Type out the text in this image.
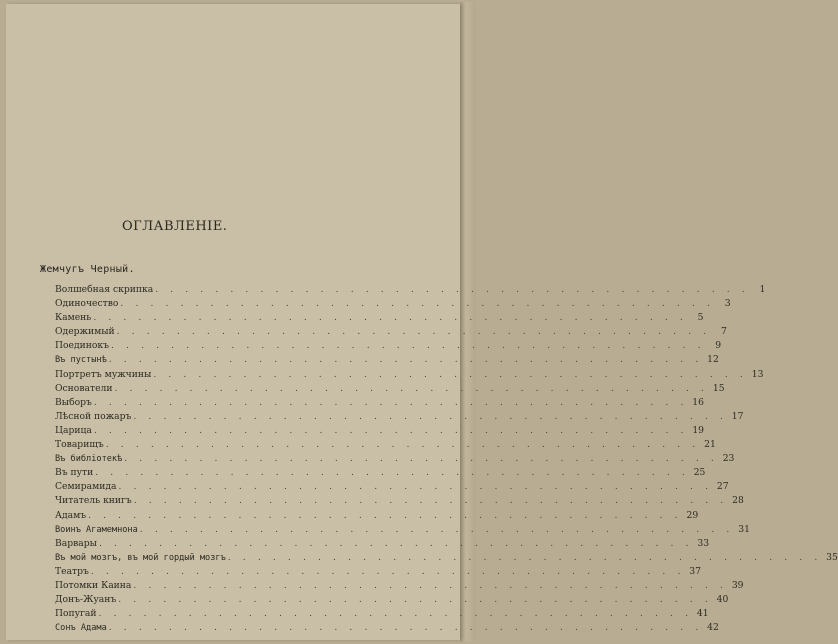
ОГЛАВЛЕНІЕ.
Жемчугъ Черный.
Волшебная скрипка . . . . . . . . . . . . . . . . . . . . . . . . . . . . . . . . . . . . . . . .	1
Одиночество . . . . . . . . . . . . . . . . . . . . . . . . . . . . . . . . . . . . . . . .	3
Камень . . . . . . . . . . . . . . . . . . . . . . . . . . . . . . . . . . . . . . . .	5
Одержимый . . . . . . . . . . . . . . . . . . . . . . . . . . . . . . . . . . . . . . . .	7
Поединокъ . . . . . . . . . . . . . . . . . . . . . . . . . . . . . . . . . . . . . . . .	9
Въ пустынѣ . . . . . . . . . . . . . . . . . . . . . . . . . . . . . . . . . . . . . . . . 12
Портретъ мужчины . . . . . . . . . . . . . . . . . . . . . . . . . . . . . . . . . . . . . . . . 13
Основатели . . . . . . . . . . . . . . . . . . . . . . . . . . . . . . . . . . . . . . . . 15
Выборъ . . . . . . . . . . . . . . . . . . . . . . . . . . . . . . . . . . . . . . . . 16
Лѣсной пожаръ . . . . . . . . . . . . . . . . . . . . . . . . . . . . . . . . . . . . . . . . 17
Царица . . . . . . . . . . . . . . . . . . . . . . . . . . . . . . . . . . . . . . . . 19
Товарищъ . . . . . . . . . . . . . . . . . . . . . . . . . . . . . . . . . . . . . . . . 21
Въ библіотекѣ . . . . . . . . . . . . . . . . . . . . . . . . . . . . . . . . . . . . . . . . 23
Въ пути . . . . . . . . . . . . . . . . . . . . . . . . . . . . . . . . . . . . . . . . 25
Семирамида . . . . . . . . . . . . . . . . . . . . . . . . . . . . . . . . . . . . . . . . 27
Читатель книгъ . . . . . . . . . . . . . . . . . . . . . . . . . . . . . . . . . . . . . . . . 28
Адамъ . . . . . . . . . . . . . . . . . . . . . . . . . . . . . . . . . . . . . . . . 29
Воинъ Агамемнона . . . . . . . . . . . . . . . . . . . . . . . . . . . . . . . . . . . . . . . . 31
Варвары . . . . . . . . . . . . . . . . . . . . . . . . . . . . . . . . . . . . . . . . 33
Въ мой мозгъ, въ мой гордый мозгъ . . . . . . . . . . . . . . . . . . . . . . . . . . . . . . . . . . . . . . . . 35
Театръ . . . . . . . . . . . . . . . . . . . . . . . . . . . . . . . . . . . . . . . . 37
Потомки Каина . . . . . . . . . . . . . . . . . . . . . . . . . . . . . . . . . . . . . . . . 39
Донъ-Жуанъ . . . . . . . . . . . . . . . . . . . . . . . . . . . . . . . . . . . . . . . . 40
Попугай . . . . . . . . . . . . . . . . . . . . . . . . . . . . . . . . . . . . . . . . 41
Сонъ Адама . . . . . . . . . . . . . . . . . . . . . . . . . . . . . . . . . . . . . . . . 42
